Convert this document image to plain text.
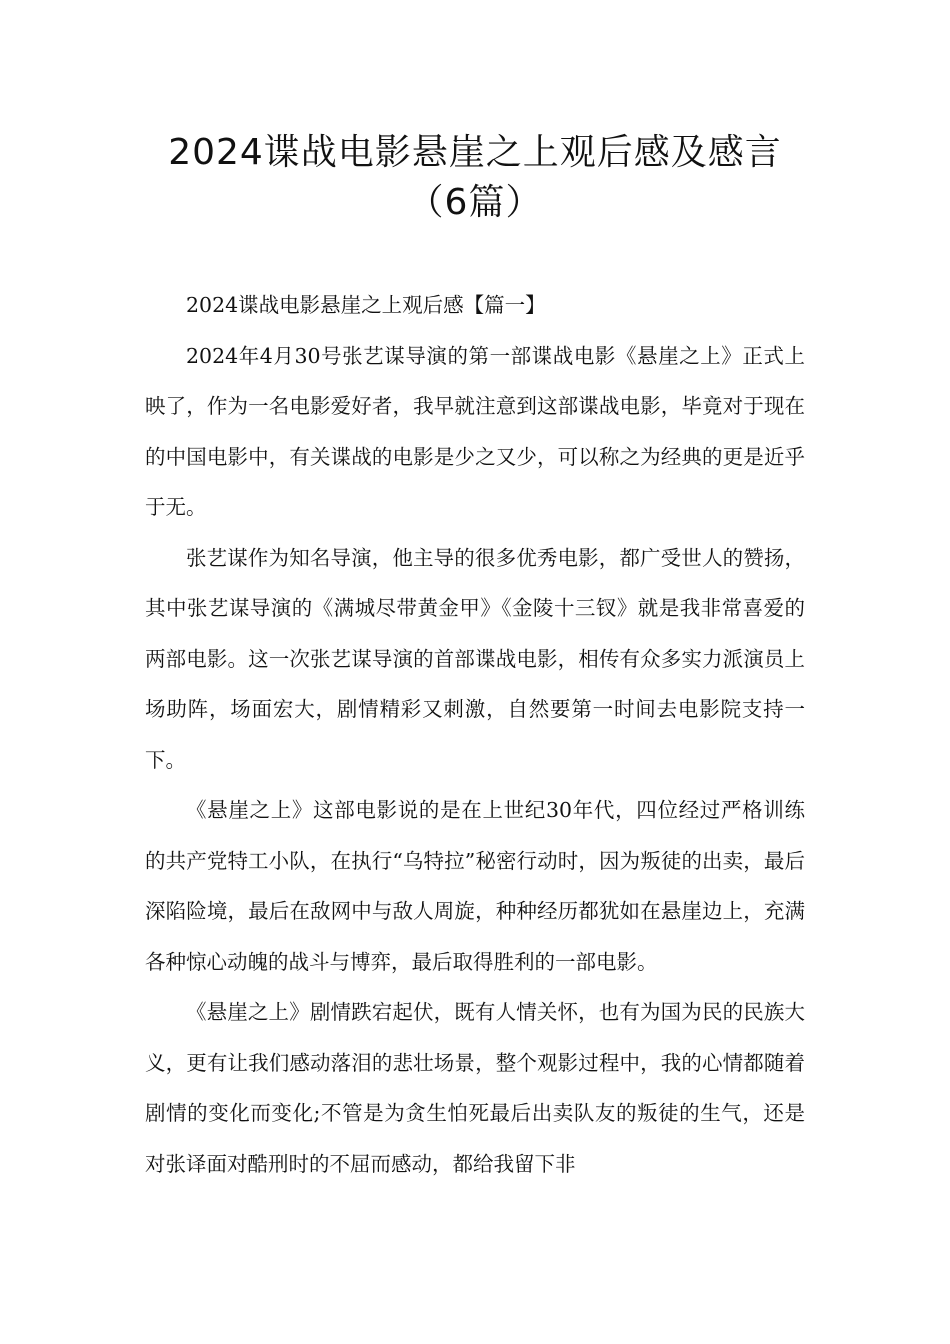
2024谍战电影悬崖之上观后感及感言
（6篇）

2024谍战电影悬崖之上观后感【篇一】

2024年4月30号张艺谋导演的第一部谍战电影《悬崖之上》正式上映了，作为一名电影爱好者，我早就注意到这部谍战电影，毕竟对于现在的中国电影中，有关谍战的电影是少之又少，可以称之为经典的更是近乎于无。

张艺谋作为知名导演，他主导的很多优秀电影，都广受世人的赞扬，其中张艺谋导演的《满城尽带黄金甲》《金陵十三钗》就是我非常喜爱的两部电影。这一次张艺谋导演的首部谍战电影，相传有众多实力派演员上场助阵，场面宏大，剧情精彩又刺激，自然要第一时间去电影院支持一下。

《悬崖之上》这部电影说的是在上世纪30年代，四位经过严格训练的共产党特工小队，在执行“乌特拉”秘密行动时，因为叛徒的出卖，最后深陷险境，最后在敌网中与敌人周旋，种种经历都犹如在悬崖边上，充满各种惊心动魄的战斗与博弈，最后取得胜利的一部电影。

《悬崖之上》剧情跌宕起伏，既有人情关怀，也有为国为民的民族大义，更有让我们感动落泪的悲壮场景，整个观影过程中，我的心情都随着剧情的变化而变化;不管是为贪生怕死最后出卖队友的叛徒的生气，还是对张译面对酷刑时的不屈而感动，都给我留下非
